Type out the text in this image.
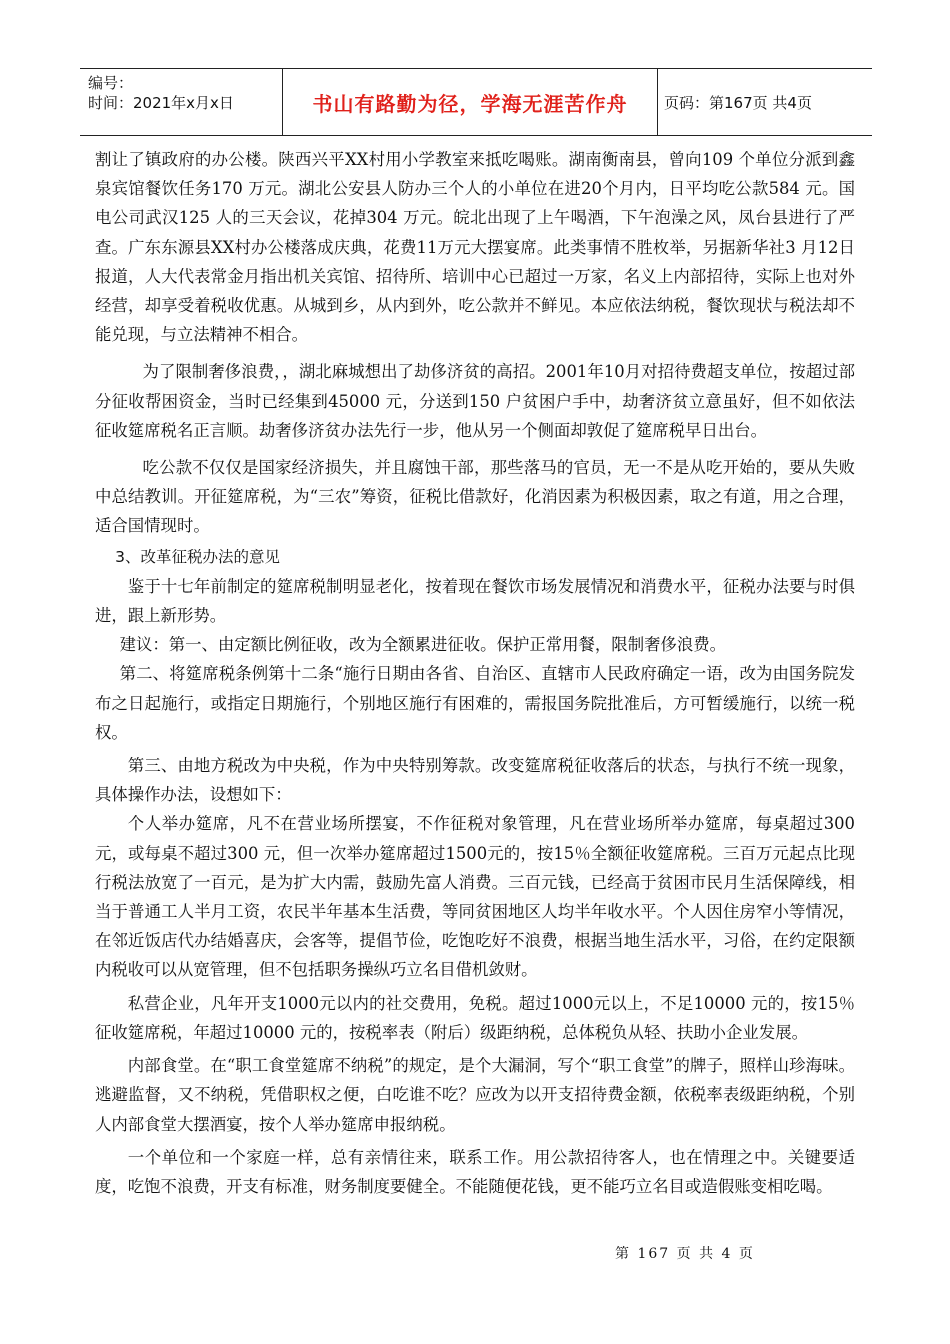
编号：
时间：2021年x月x日	书山有路勤为径，学海无涯苦作舟	页码：第167页 共4页

割让了镇政府的办公楼。陕西兴平XX村用小学教室来抵吃喝账。湖南衡南县，曾向109 个单位分派到鑫泉宾馆餐饮任务170 万元。湖北公安县人防办三个人的小单位在进20个月内，日平均吃公款584 元。国电公司武汉125 人的三天会议，花掉304 万元。皖北出现了上午喝酒，下午泡澡之风，凤台县进行了严查。广东东源县XX村办公楼落成庆典，花费11万元大摆宴席。此类事情不胜枚举，另据新华社3 月12日报道，人大代表常金月指出机关宾馆、招待所、培训中心已超过一万家，名义上内部招待，实际上也对外经营，却享受着税收优惠。从城到乡，从内到外，吃公款并不鲜见。本应依法纳税，餐饮现状与税法却不能兑现，与立法精神不相合。

为了限制奢侈浪费，，湖北麻城想出了劫侈济贫的高招。2001年10月对招待费超支单位，按超过部分征收帮困资金，当时已经集到45000 元，分送到150 户贫困户手中，劫奢济贫立意虽好，但不如依法征收筵席税名正言顺。劫奢侈济贫办法先行一步，他从另一个侧面却敦促了筵席税早日出台。

吃公款不仅仅是国家经济损失，并且腐蚀干部，那些落马的官员，无一不是从吃开始的，要从失败中总结教训。开征筵席税，为“三农”筹资，征税比借款好，化消因素为积极因素，取之有道，用之合理，适合国情现时。

3、改革征税办法的意见

鉴于十七年前制定的筵席税制明显老化，按着现在餐饮市场发展情况和消费水平，征税办法要与时俱进，跟上新形势。

建议：第一、由定额比例征收，改为全额累进征收。保护正常用餐，限制奢侈浪费。

第二、将筵席税条例第十二条“施行日期由各省、自治区、直辖市人民政府确定一语，改为由国务院发布之日起施行，或指定日期施行，个别地区施行有困难的，需报国务院批准后，方可暂缓施行，以统一税权。

第三、由地方税改为中央税，作为中央特别筹款。改变筵席税征收落后的状态，与执行不统一现象，具体操作办法，设想如下：

个人举办筵席，凡不在营业场所摆宴，不作征税对象管理，凡在营业场所举办筵席，每桌超过300 元，或每桌不超过300 元，但一次举办筵席超过1500元的，按15％全额征收筵席税。三百万元起点比现行税法放宽了一百元，是为扩大内需，鼓励先富人消费。三百元钱，已经高于贫困市民月生活保障线，相当于普通工人半月工资，农民半年基本生活费，等同贫困地区人均半年收水平。个人因住房窄小等情况，在邻近饭店代办结婚喜庆，会客等，提倡节俭，吃饱吃好不浪费，根据当地生活水平，习俗，在约定限额内税收可以从宽管理，但不包括职务操纵巧立名目借机敛财。

私营企业，凡年开支1000元以内的社交费用，免税。超过1000元以上，不足10000 元的，按15％征收筵席税，年超过10000 元的，按税率表（附后）级距纳税，总体税负从轻、扶助小企业发展。

内部食堂。在“职工食堂筵席不纳税”的规定，是个大漏洞，写个“职工食堂”的牌子，照样山珍海味。逃避监督，又不纳税，凭借职权之便，白吃谁不吃？应改为以开支招待费金额，依税率表级距纳税，个别人内部食堂大摆酒宴，按个人举办筵席申报纳税。

一个单位和一个家庭一样，总有亲情往来，联系工作。用公款招待客人，也在情理之中。关键要适度，吃饱不浪费，开支有标准，财务制度要健全。不能随便花钱，更不能巧立名目或造假账变相吃喝。

第 167 页 共 4 页
